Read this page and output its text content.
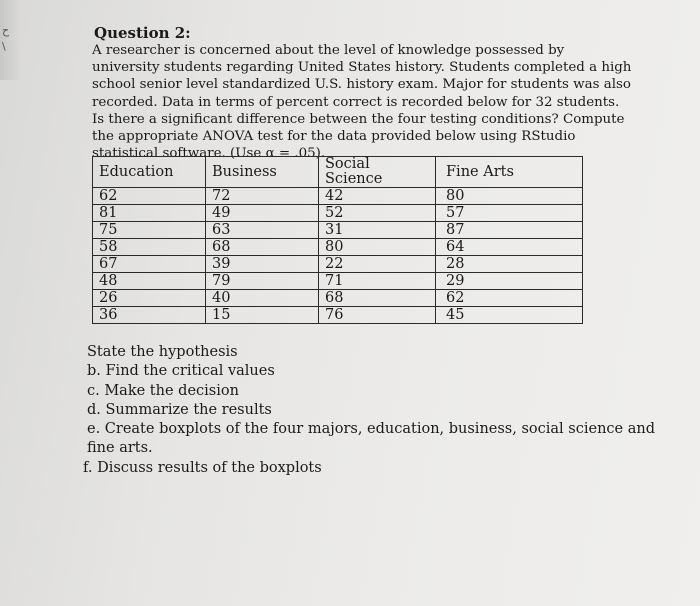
ح
\
Question 2:

A researcher is concerned about the level of knowledge possessed by university students regarding United States history. Students completed a high school senior level standardized U.S. history exam. Major for students was also recorded. Data in terms of percent correct is recorded below for 32 students. Is there a significant difference between the four testing conditions? Compute the appropriate ANOVA test for the data provided below using RStudio statistical software. (Use α = .05).

Education	Business	Social Science	Fine Arts
62	72	42	80
81	49	52	57
75	63	31	87
58	68	80	64
67	39	22	28
48	79	71	29
26	40	68	62
36	15	76	45
State the hypothesis
b. Find the critical values
c. Make the decision
d. Summarize the results
e. Create boxplots of the four majors, education, business, social science and fine arts.
f. Discuss results of the boxplots
